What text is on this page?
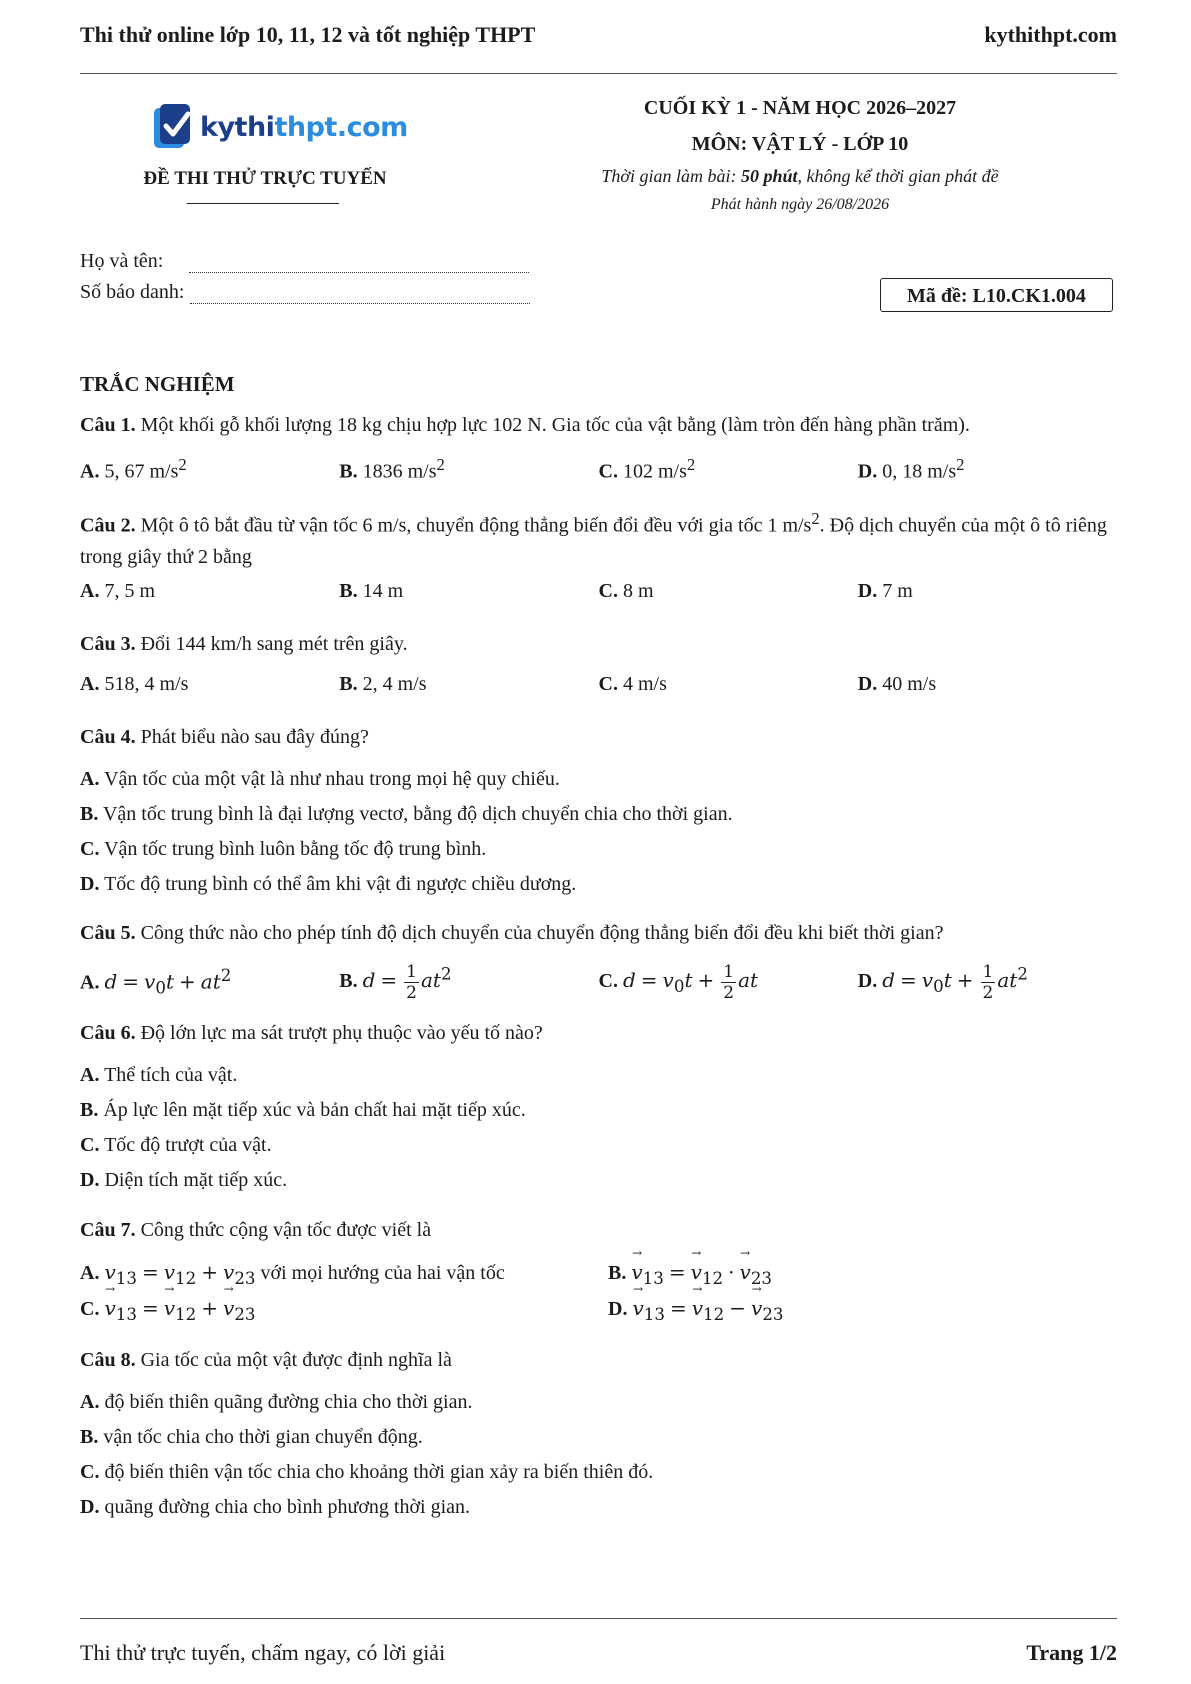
Thi thử online lớp 10, 11, 12 và tốt nghiệp THPT	kythithpt.com
kythithpt.com
ĐỀ THI THỬ TRỰC TUYẾN
CUỐI KỲ 1 - NĂM HỌC 2026–2027
MÔN: VẬT LÝ - LỚP 10
Thời gian làm bài: 50 phút, không kể thời gian phát đề
Phát hành ngày 26/08/2026
Họ và tên:
Số báo danh:	Mã đề: L10.CK1.004
TRẮC NGHIỆM
Câu 1. Một khối gỗ khối lượng 18 kg chịu hợp lực 102 N. Gia tốc của vật bằng (làm tròn đến hàng phần trăm).
A. 5, 67 $m/s^2$	B. 1836 $m/s^2$	C. 102 $m/s^2$	D. 0, 18 $m/s^2$
Câu 2. Một ô tô bắt đầu từ vận tốc 6 m/s, chuyển động thẳng biến đổi đều với gia tốc 1 $m/s^2$. Độ dịch chuyển của một ô tô riêng trong giây thứ 2 bằng
A. 7, 5 m	B. 14 m	C. 8 m	D. 7 m
Câu 3. Đổi 144 km/h sang mét trên giây.
A. 518, 4 m/s	B. 2, 4 m/s	C. 4 m/s	D. 40 m/s
Câu 4. Phát biểu nào sau đây đúng?
A. Vận tốc của một vật là như nhau trong mọi hệ quy chiếu.
B. Vận tốc trung bình là đại lượng vectơ, bằng độ dịch chuyển chia cho thời gian.
C. Vận tốc trung bình luôn bằng tốc độ trung bình.
D. Tốc độ trung bình có thể âm khi vật đi ngược chiều dương.
Câu 5. Công thức nào cho phép tính độ dịch chuyển của chuyển động thẳng biến đổi đều khi biết thời gian?
A. $d = v_0t + at^2$	B. $d = \frac{1}{2} at^2$	C. $d = v_0t + \frac{1}{2}$ at	D. $d = v_0t + \frac{1}{2} at^2$
Câu 6. Độ lớn lực ma sát trượt phụ thuộc vào yếu tố nào?
A. Thể tích của vật.
B. Áp lực lên mặt tiếp xúc và bản chất hai mặt tiếp xúc.
C. Tốc độ trượt của vật.
D. Diện tích mặt tiếp xúc.
Câu 7. Công thức cộng vận tốc được viết là
A. $v_{13} = v_{12} + v_{23}$ với mọi hướng của hai vận tốc	B. → $v_{13}$ = → $v_{12}$ · → $v_{23}$
C. → $v_{13}$ = → $v_{12}$ + → $v_{23}$	D. → $v_{13}$ = → $v_{12}$ − → $v_{23}$
Câu 8. Gia tốc của một vật được định nghĩa là
A. độ biến thiên quãng đường chia cho thời gian.
B. vận tốc chia cho thời gian chuyển động.
C. độ biến thiên vận tốc chia cho khoảng thời gian xảy ra biến thiên đó.
D. quãng đường chia cho bình phương thời gian.
Thi thử trực tuyến, chấm ngay, có lời giải	Trang 1/2
